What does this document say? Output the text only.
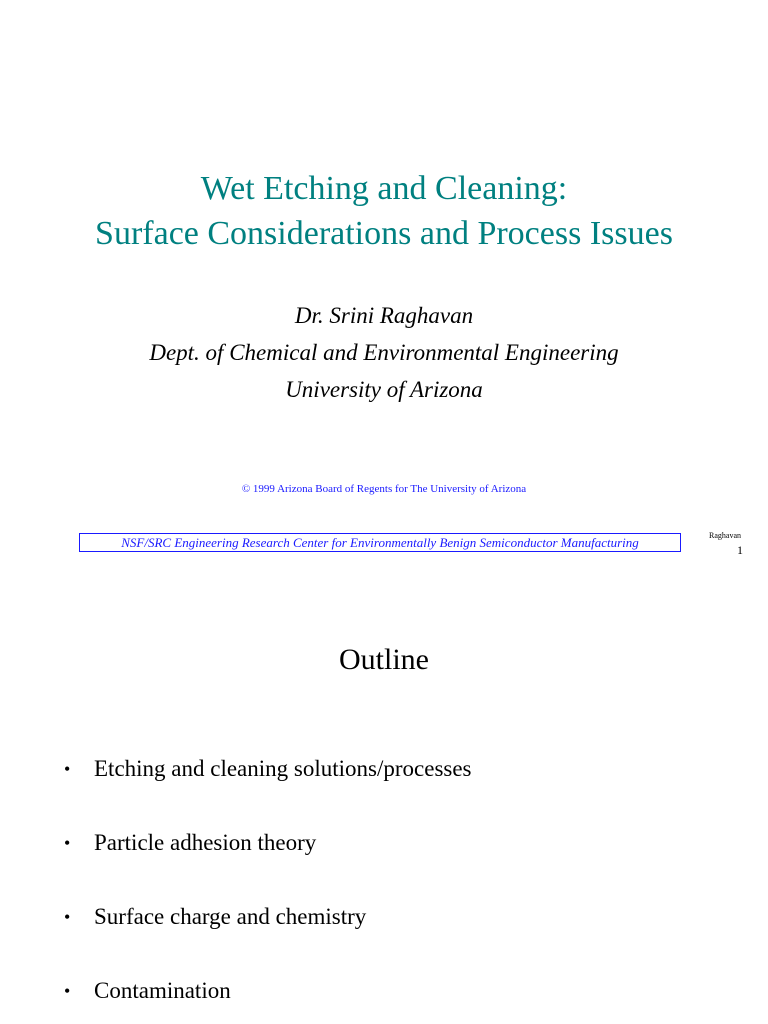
Wet Etching and Cleaning:
Surface Considerations and Process Issues
Dr. Srini Raghavan
Dept. of Chemical and Environmental Engineering
University of Arizona
© 1999 Arizona Board of Regents for The University of Arizona
NSF/SRC Engineering Research Center for Environmentally Benign Semiconductor Manufacturing	Raghavan
1
Outline
• Etching and cleaning solutions/processes
• Particle adhesion theory
• Surface charge and chemistry
• Contamination
